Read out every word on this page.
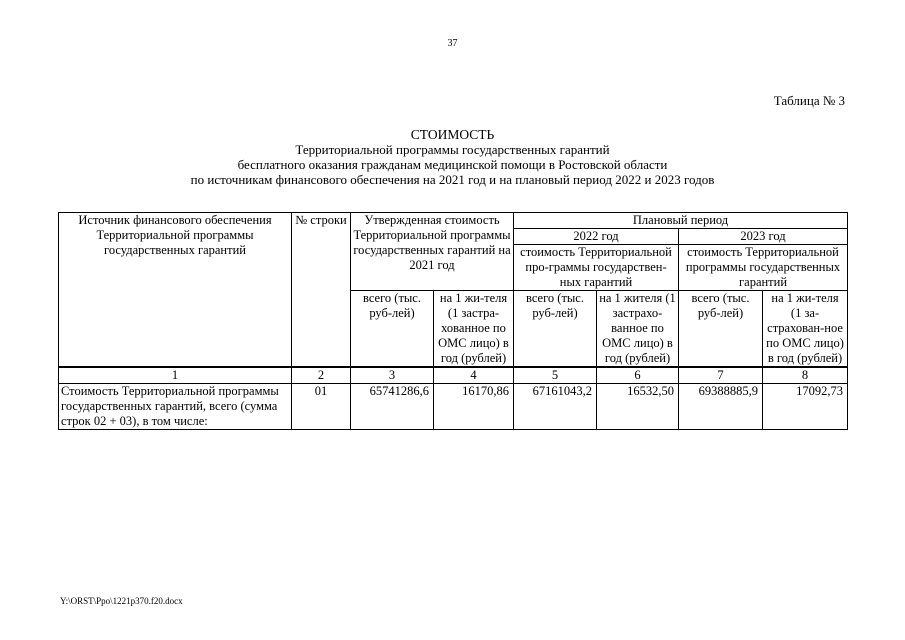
37
Таблица № 3
СТОИМОСТЬ
Территориальной программы государственных гарантий
бесплатного оказания гражданам медицинской помощи в Ростовской области
по источникам финансового обеспечения на 2021 год и на плановый период 2022 и 2023 годов
Источник финансового обеспечения Территориальной программы государственных гарантий	№ строки	Утвержденная стоимость Территориальной программы государственных гарантий на 2021 год		Плановый период			
				2022 год		2023 год	
				стоимость Территориальной про-граммы государствен-ных гарантий		стоимость Территориальной программы государственных гарантий	
		всего (тыс. руб-лей)	на 1 жи-теля (1 застра-хованное по ОМС лицо) в год (рублей)	всего (тыс. руб-лей)	на 1 жителя (1 застрахо-ванное по ОМС лицо) в год (рублей)	всего (тыс. руб-лей)	на 1 жи-теля (1 за-страхован-ное по ОМС лицо) в год (рублей)
1	2	3	4	5	6	7	8
Стоимость Территориальной программы государственных гарантий, всего (сумма строк 02 + 03), в том числе:	01	65741286,6	16170,86	67161043,2	16532,50	69388885,9	17092,73
Y:\ORST\Ppo\1221p370.f20.docx
